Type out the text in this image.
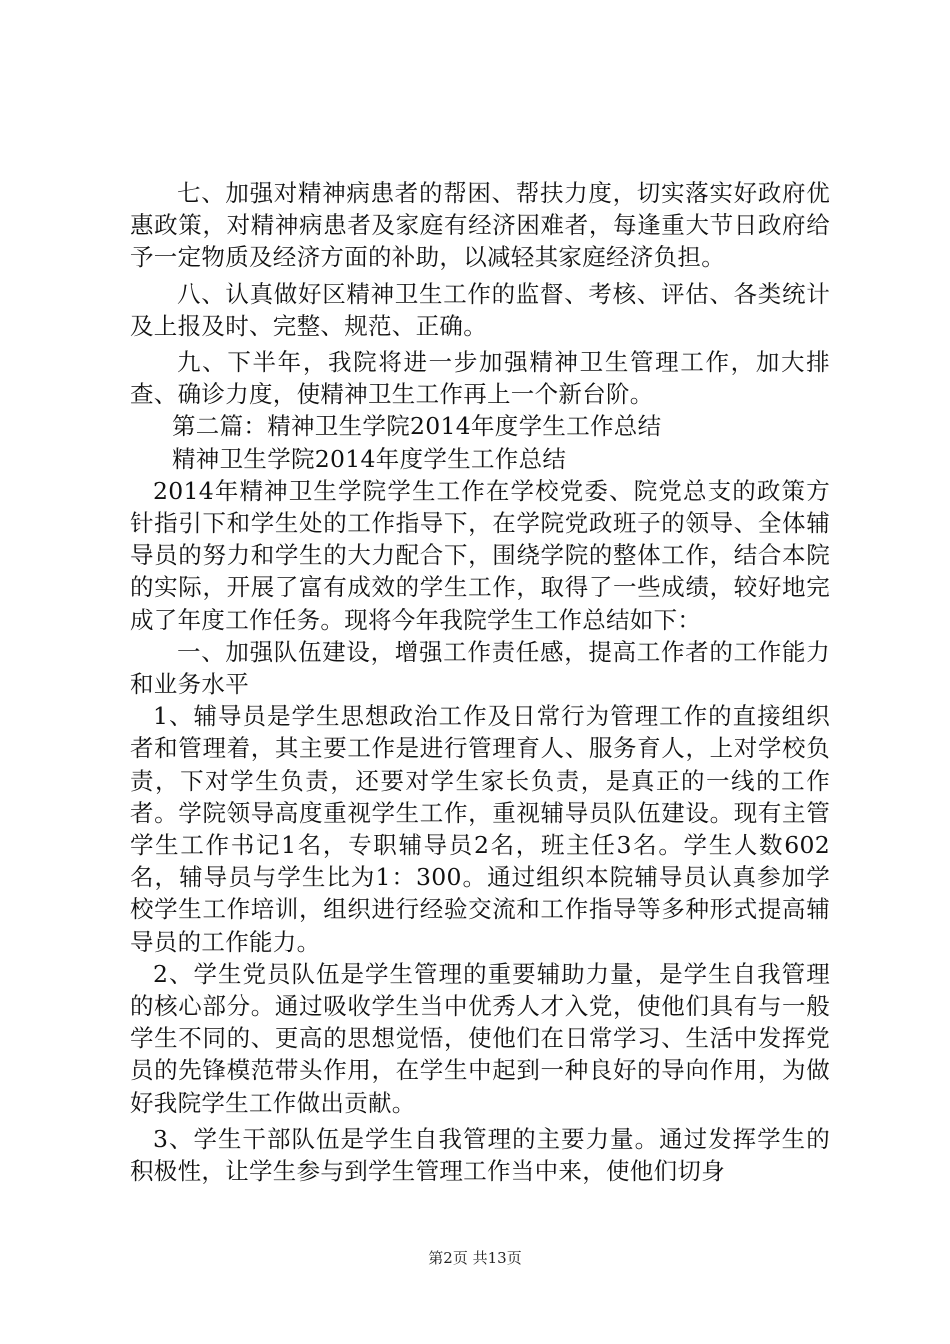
七、加强对精神病患者的帮困、帮扶力度，切实落实好政府优惠政策，对精神病患者及家庭有经济困难者，每逢重大节日政府给予一定物质及经济方面的补助，以减轻其家庭经济负担。

八、认真做好区精神卫生工作的监督、考核、评估、各类统计及上报及时、完整、规范、正确。

九、下半年，我院将进一步加强精神卫生管理工作，加大排查、确诊力度，使精神卫生工作再上一个新台阶。

第二篇：精神卫生学院2014年度学生工作总结

精神卫生学院2014年度学生工作总结

2014年精神卫生学院学生工作在学校党委、院党总支的政策方针指引下和学生处的工作指导下，在学院党政班子的领导、全体辅导员的努力和学生的大力配合下，围绕学院的整体工作，结合本院的实际，开展了富有成效的学生工作，取得了一些成绩，较好地完成了年度工作任务。现将今年我院学生工作总结如下：

一、加强队伍建设，增强工作责任感，提高工作者的工作能力和业务水平

1、辅导员是学生思想政治工作及日常行为管理工作的直接组织者和管理着，其主要工作是进行管理育人、服务育人，上对学校负责，下对学生负责，还要对学生家长负责，是真正的一线的工作者。学院领导高度重视学生工作，重视辅导员队伍建设。现有主管学生工作书记1名，专职辅导员2名，班主任3名。学生人数602名，辅导员与学生比为1：300。通过组织本院辅导员认真参加学校学生工作培训，组织进行经验交流和工作指导等多种形式提高辅导员的工作能力。

2、学生党员队伍是学生管理的重要辅助力量，是学生自我管理的核心部分。通过吸收学生当中优秀人才入党，使他们具有与一般学生不同的、更高的思想觉悟，使他们在日常学习、生活中发挥党员的先锋模范带头作用，在学生中起到一种良好的导向作用，为做好我院学生工作做出贡献。

3、学生干部队伍是学生自我管理的主要力量。通过发挥学生的积极性，让学生参与到学生管理工作当中来，使他们切身

第2页 共13页
